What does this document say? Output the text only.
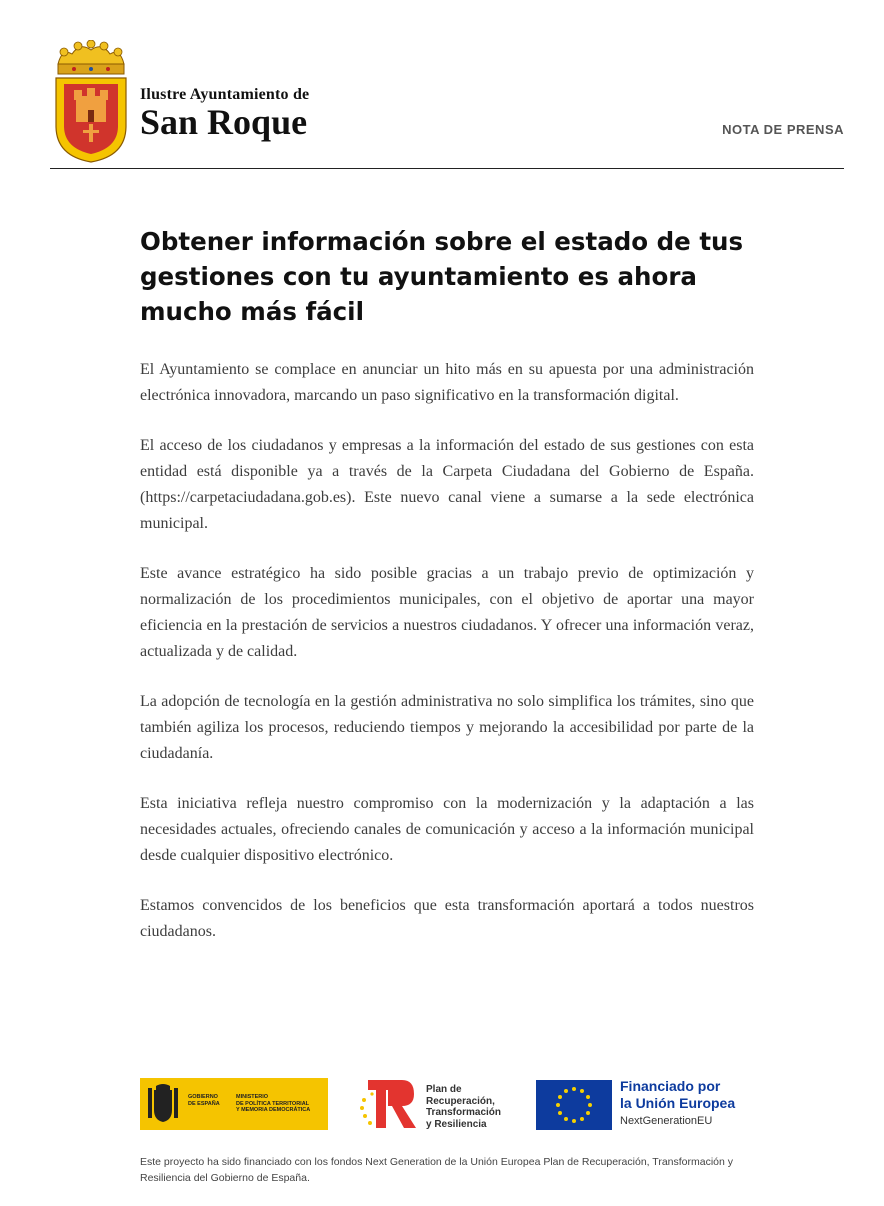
Ilustre Ayuntamiento de
San Roque	NOTA DE PRENSA
Obtener información sobre el estado de tus gestiones con tu ayuntamiento es ahora mucho más fácil

El Ayuntamiento se complace en anunciar un hito más en su apuesta por una administración electrónica innovadora, marcando un paso significativo en la transformación digital.

El acceso de los ciudadanos y empresas a la información del estado de sus gestiones con esta entidad está disponible ya a través de la Carpeta Ciudadana del Gobierno de España. (https://carpetaciudadana.gob.es). Este nuevo canal viene a sumarse a la sede electrónica municipal.

Este avance estratégico ha sido posible gracias a un trabajo previo de optimización y normalización de los procedimientos municipales, con el objetivo de aportar una mayor eficiencia en la prestación de servicios a nuestros ciudadanos. Y ofrecer una información veraz, actualizada y de calidad.

La adopción de tecnología en la gestión administrativa no solo simplifica los trámites, sino que también agiliza los procesos, reduciendo tiempos y mejorando la accesibilidad por parte de la ciudadanía.

Esta iniciativa refleja nuestro compromiso con la modernización y la adaptación a las necesidades actuales, ofreciendo canales de comunicación y acceso a la información municipal desde cualquier dispositivo electrónico.

Estamos convencidos de los beneficios que esta transformación aportará a todos nuestros ciudadanos.

GOBIERNO
DE ESPAÑA
MINISTERIO
DE POLÍTICA TERRITORIAL
Y MEMORIA DEMOCRÁTICA
Plan de
Recuperación,
Transformación
y Resiliencia
Financiado por
la Unión Europea
NextGenerationEU
Este proyecto ha sido financiado con los fondos Next Generation de la Unión Europea Plan de Recuperación, Transformación y Resiliencia del Gobierno de España.
